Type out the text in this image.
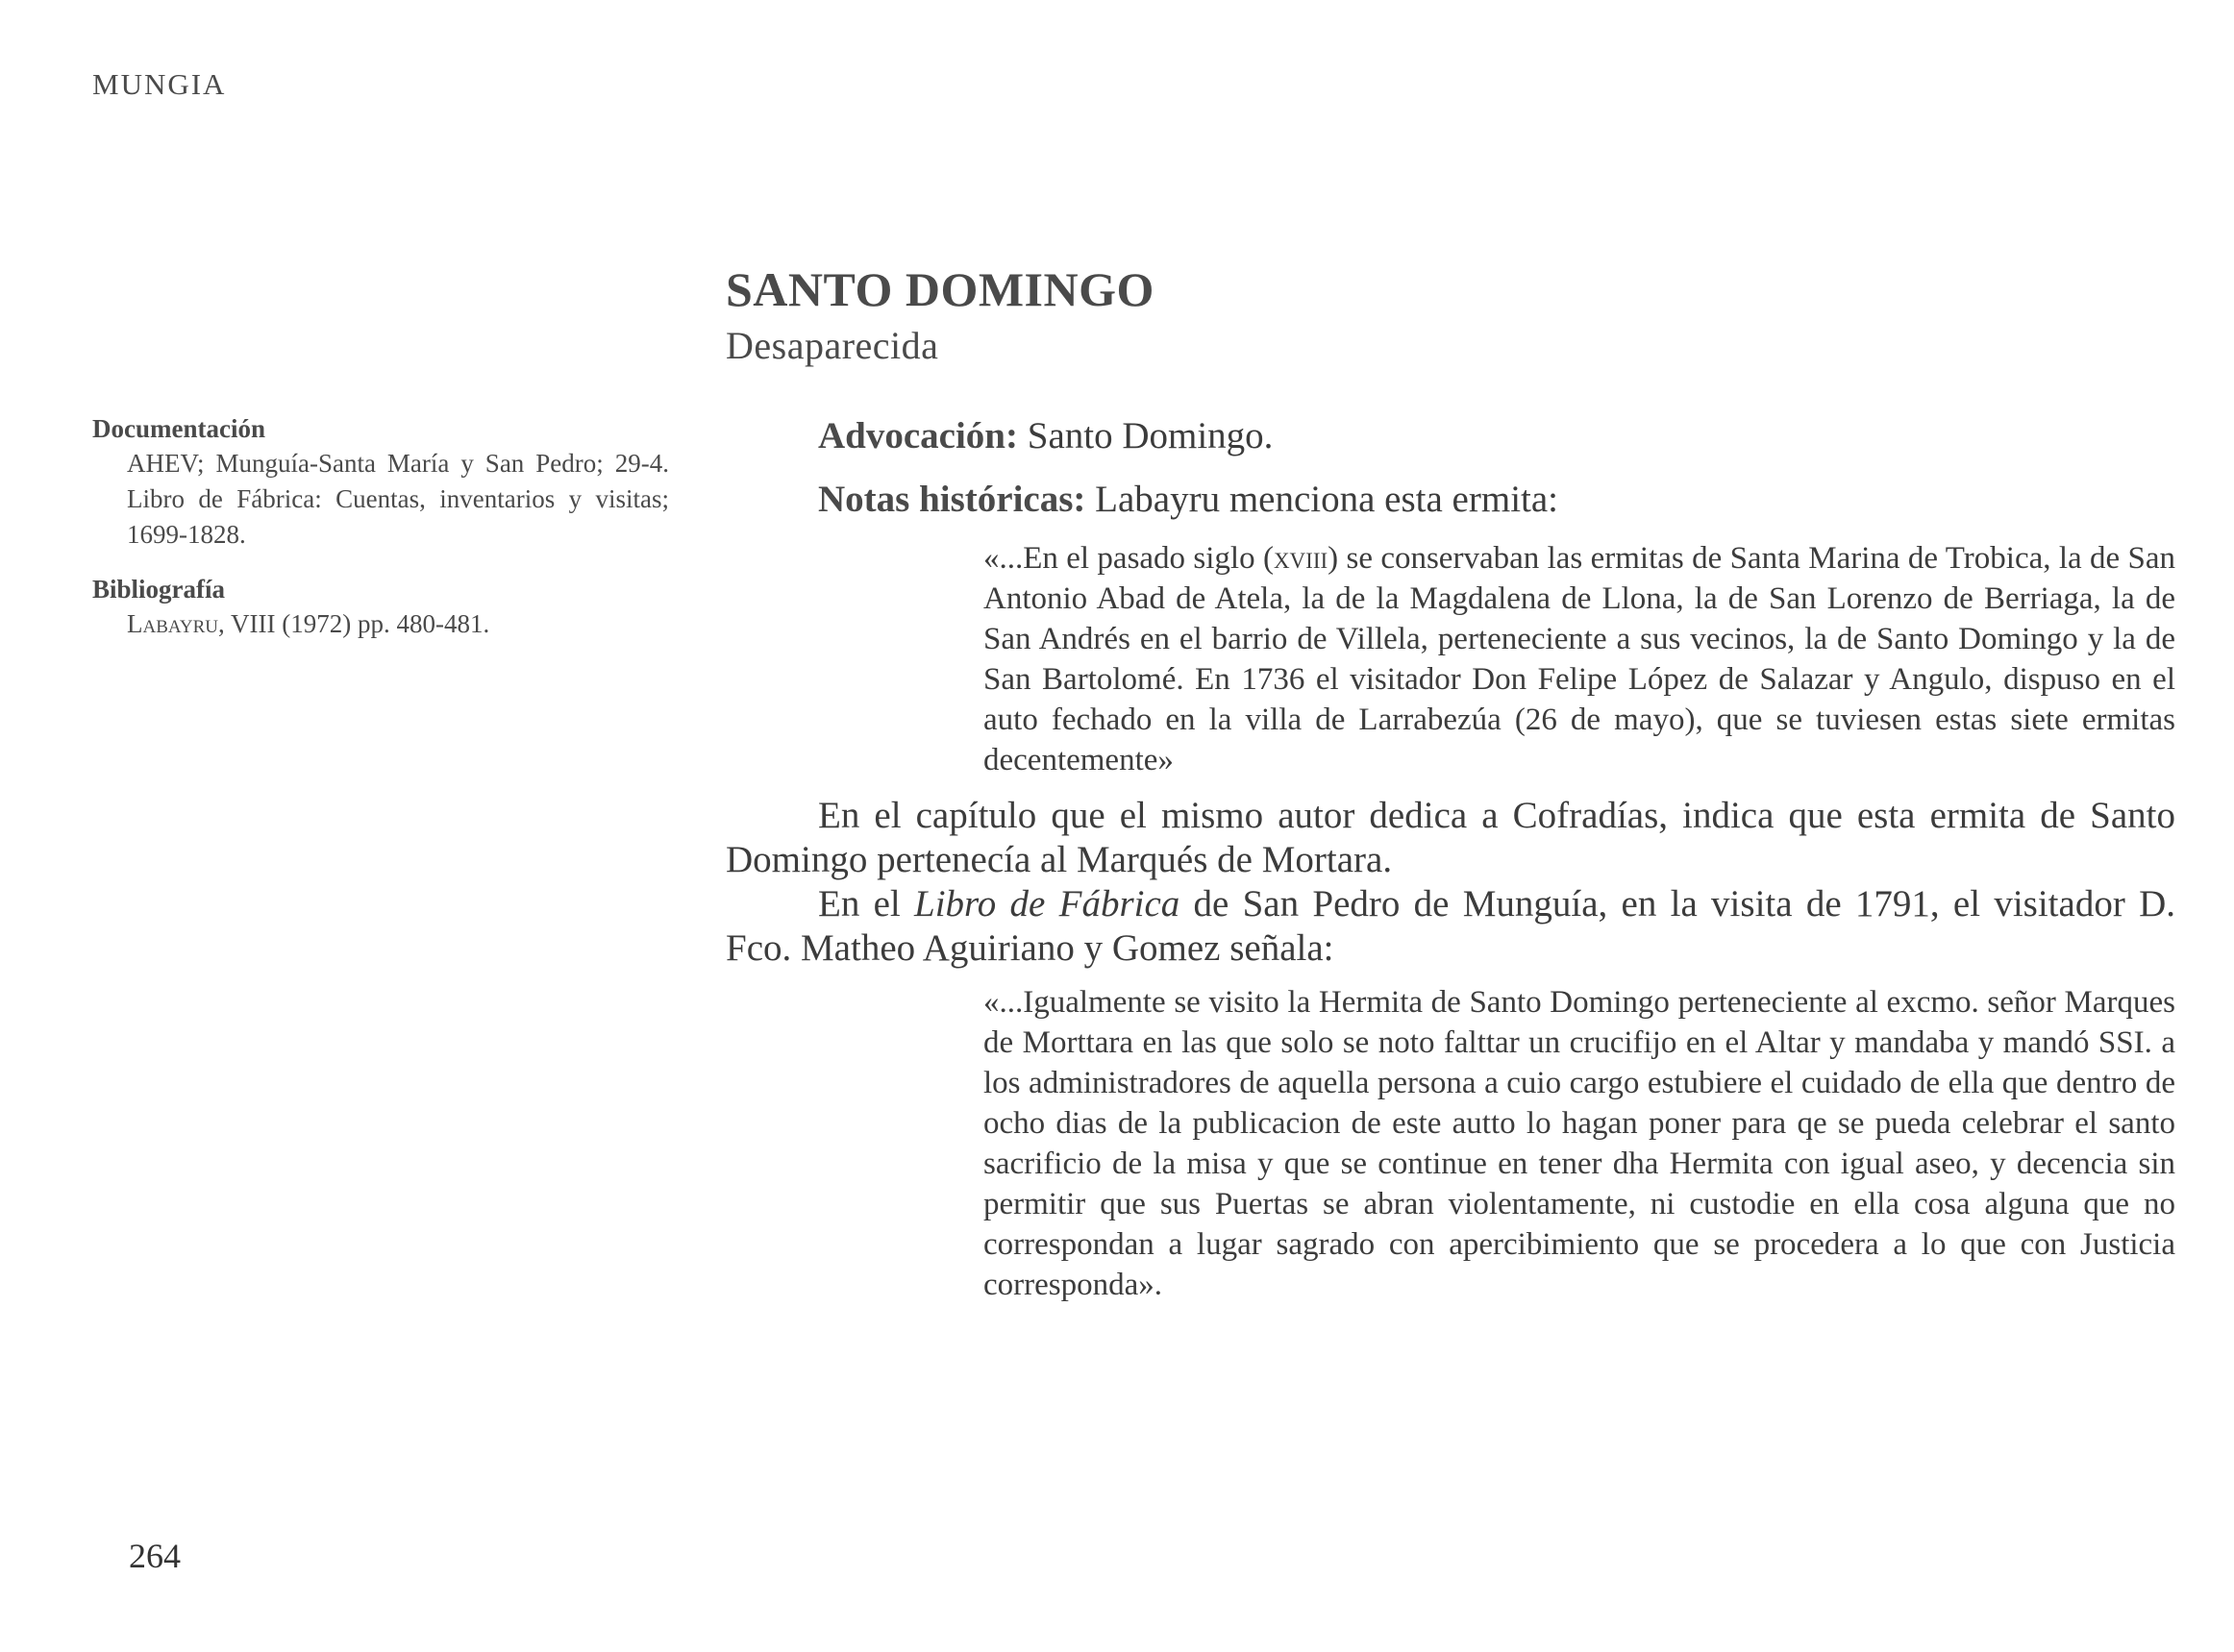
MUNGIA
SANTO DOMINGO
Desaparecida

Documentación

AHEV; Munguía-Santa María y San Pedro; 29-4. Libro de Fábrica: Cuentas, inventarios y visitas; 1699-1828.

Bibliografía

Labayru, VIII (1972) pp. 480-481.

Advocación: Santo Domingo.

Notas históricas: Labayru menciona esta ermita:

«...En el pasado siglo (xviii) se conservaban las ermitas de Santa Marina de Trobica, la de San Antonio Abad de Atela, la de la Magdalena de Llona, la de San Lorenzo de Berriaga, la de San Andrés en el barrio de Villela, perteneciente a sus vecinos, la de Santo Domingo y la de San Bartolomé. En 1736 el visitador Don Felipe López de Salazar y Angulo, dispuso en el auto fechado en la villa de Larrabezúa (26 de mayo), que se tuviesen estas siete ermitas decentemente»

En el capítulo que el mismo autor dedica a Cofradías, indica que esta ermita de Santo Domingo pertenecía al Marqués de Mortara.

En el Libro de Fábrica de San Pedro de Munguía, en la visita de 1791, el visitador D. Fco. Matheo Aguiriano y Gomez señala:

«...Igualmente se visito la Hermita de Santo Domingo perteneciente al excmo. señor Marques de Morttara en las que solo se noto falttar un crucifijo en el Altar y mandaba y mandó SSI. a los administradores de aquella persona a cuio cargo estubiere el cuidado de ella que dentro de ocho dias de la publicacion de este autto lo hagan poner para qe se pueda celebrar el santo sacrificio de la misa y que se continue en tener dha Hermita con igual aseo, y decencia sin permitir que sus Puertas se abran violentamente, ni custodie en ella cosa alguna que no correspondan a lugar sagrado con apercibimiento que se procedera a lo que con Justicia corresponda».

264
